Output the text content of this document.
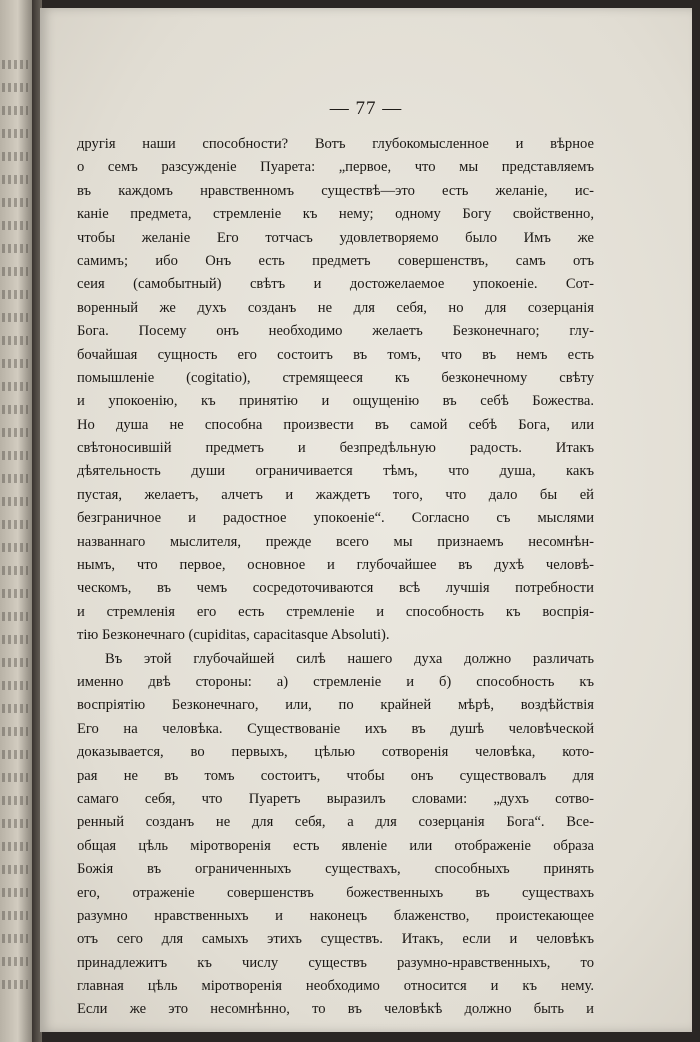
— 77 —
другія наши способности? Вотъ глубокомысленное и вѣрное
о семъ разсужденіе Пуарета: „первое, что мы представляемъ
въ каждомъ нравственномъ существѣ—это есть желаніе, ис-
каніе предмета, стремленіе къ нему; одному Богу свойственно,
чтобы желаніе Его тотчасъ удовлетворяемо было Имъ же
самимъ; ибо Онъ есть предметъ совершенствъ, самъ отъ
сеия (самобытный) свѣтъ и достожелаемое упокоеніе. Сот-
воренный же духъ созданъ не для себя, но для созерцанія
Бога. Посему онъ необходимо желаетъ Безконечнаго; глу-
бочайшая сущность его состоитъ въ томъ, что въ немъ есть
помышленіе (cogitatio), стремящееся къ безконечному свѣту
и упокоенію, къ принятію и ощущенію въ себѣ Божества.
Но душа не способна произвести въ самой себѣ Бога, или
свѣтоносившій предметъ и безпредѣльную радость. Итакъ
дѣятельность души ограничивается тѣмъ, что душа, какъ
пустая, желаетъ, алчетъ и жаждетъ того, что дало бы ей
безграничное и радостное упокоеніе“. Согласно съ мыслями
названнаго мыслителя, прежде всего мы признаемъ несомнѣн-
нымъ, что первое, основное и глубочайшее въ духѣ человѣ-
ческомъ, въ чемъ сосредоточиваются всѣ лучшія потребности
и стремленія его есть стремленіе и способность къ воспрія-
тію Безконечнаго (cupiditas, capacitasque Absoluti).
Въ этой глубочайшей силѣ нашего духа должно различать
именно двѣ стороны: а) стремленіе и б) способность къ
воспріятію Безконечнаго, или, по крайней мѣрѣ, воздѣйствія
Его на человѣка. Существованіе ихъ въ душѣ человѣческой
доказывается, во первыхъ, цѣлью сотворенія человѣка, кото-
рая не въ томъ состоитъ, чтобы онъ существовалъ для
самаго себя, что Пуаретъ выразилъ словами: „духъ сотво-
ренный созданъ не для себя, а для созерцанія Бога“. Все-
общая цѣль міротворенія есть явленіе или отображеніе образа
Божія въ ограниченныхъ существахъ, способныхъ принять
его, отраженіе совершенствъ божественныхъ въ существахъ
разумно нравственныхъ и наконецъ блаженство, проистекающее
отъ сего для самыхъ этихъ существъ. Итакъ, если и человѣкъ
принадлежитъ къ числу существъ разумно-нравственныхъ, то
главная цѣль міротворенія необходимо относится и къ нему.
Если же это несомнѣнно, то въ человѣкѣ должно быть и
